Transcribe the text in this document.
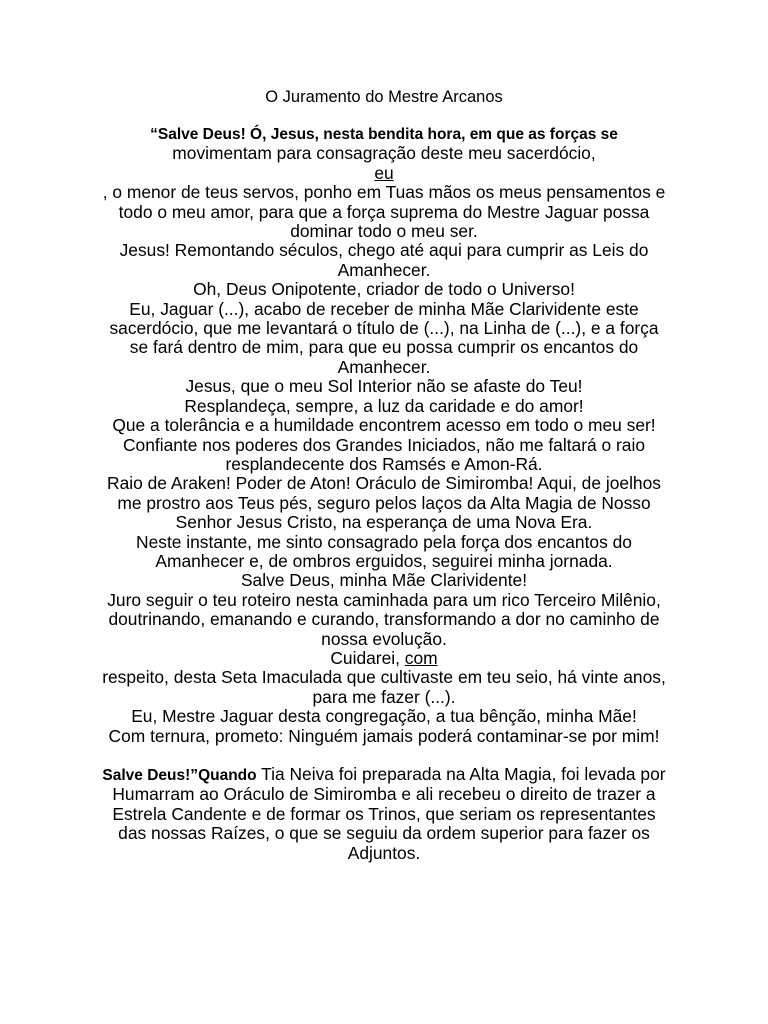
O Juramento do Mestre Arcanos

“Salve Deus! Ó, Jesus, nesta bendita hora, em que as forças se

movimentam para consagração deste meu sacerdócio,

eu

, o menor de teus servos, ponho em Tuas mãos os meus pensamentos e todo o meu amor, para que a força suprema do Mestre Jaguar possa dominar todo o meu ser.

Jesus! Remontando séculos, chego até aqui para cumprir as Leis do Amanhecer.

Oh, Deus Onipotente, criador de todo o Universo!

Eu, Jaguar (...), acabo de receber de minha Mãe Clarividente este sacerdócio, que me levantará o título de (...), na Linha de (...), e a força se fará dentro de mim, para que eu possa cumprir os encantos do Amanhecer.

Jesus, que o meu Sol Interior não se afaste do Teu!

Resplandeça, sempre, a luz da caridade e do amor!

Que a tolerância e a humildade encontrem acesso em todo o meu ser!

Confiante nos poderes dos Grandes Iniciados, não me faltará o raio resplandecente dos Ramsés e Amon-Rá.

Raio de Araken! Poder de Aton! Oráculo de Simiromba! Aqui, de joelhos me prostro aos Teus pés, seguro pelos laços da Alta Magia de Nosso Senhor Jesus Cristo, na esperança de uma Nova Era.

Neste instante, me sinto consagrado pela força dos encantos do Amanhecer e, de ombros erguidos, seguirei minha jornada.

Salve Deus, minha Mãe Clarividente!

Juro seguir o teu roteiro nesta caminhada para um rico Terceiro Milênio, doutrinando, emanando e curando, transformando a dor no caminho de nossa evolução.

Cuidarei, com

respeito, desta Seta Imaculada que cultivaste em teu seio, há vinte anos, para me fazer (...).

Eu, Mestre Jaguar desta congregação, a tua bênção, minha Mãe!

Com ternura, prometo: Ninguém jamais poderá contaminar-se por mim!

Salve Deus!”Quando Tia Neiva foi preparada na Alta Magia, foi levada por Humarram ao Oráculo de Simiromba e ali recebeu o direito de trazer a Estrela Candente e de formar os Trinos, que seriam os representantes das nossas Raízes, o que se seguiu da ordem superior para fazer os Adjuntos.
